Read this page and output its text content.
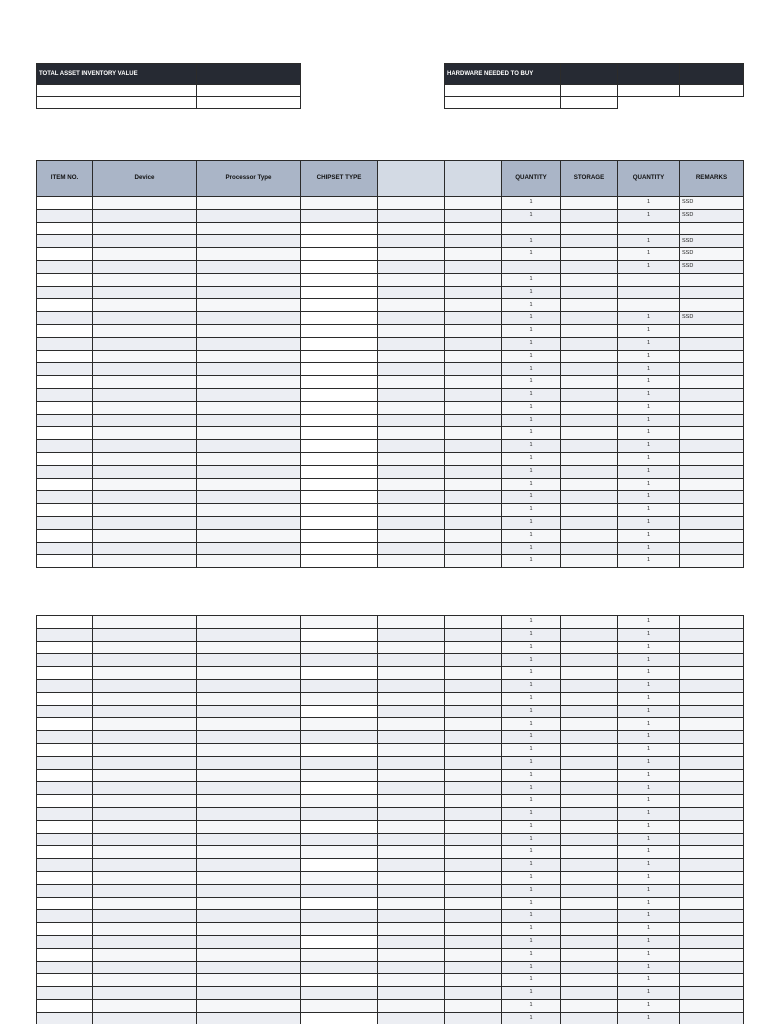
TOTAL ASSET INVENTORY VALUE	

		HARDWARE NEEDED TO BUY			

ITEM NO.	Device	Processor Type	CHIPSET TYPE			QUANTITY	STORAGE	QUANTITY	REMARKS
						1		1	SSD
						1		1	SSD

						1		1	SSD
						1		1	SSD
								1	SSD
						1			
						1			
						1			
						1		1	SSD
						1		1	
						1		1	
						1		1	
						1		1	
						1		1	
						1		1	
						1		1	
						1		1	
						1		1	
						1		1	
						1		1	
						1		1	
						1		1	
						1		1	
						1		1	
						1		1	
						1		1	
						1		1	
						1		1	
						1		1	
						1		1	
						1		1	
						1		1	
						1		1	
						1		1	
						1		1	
						1		1	
						1		1	
						1		1	
						1		1	
						1		1	
						1		1	
						1		1	
						1		1	
						1		1	
						1		1	
						1		1	
						1		1	
						1		1	
						1		1	
						1		1	
						1		1	
						1		1	
						1		1	
						1		1	
						1		1	
						1		1	
						1		1	
						1		1	
						1		1	
						1		1	
